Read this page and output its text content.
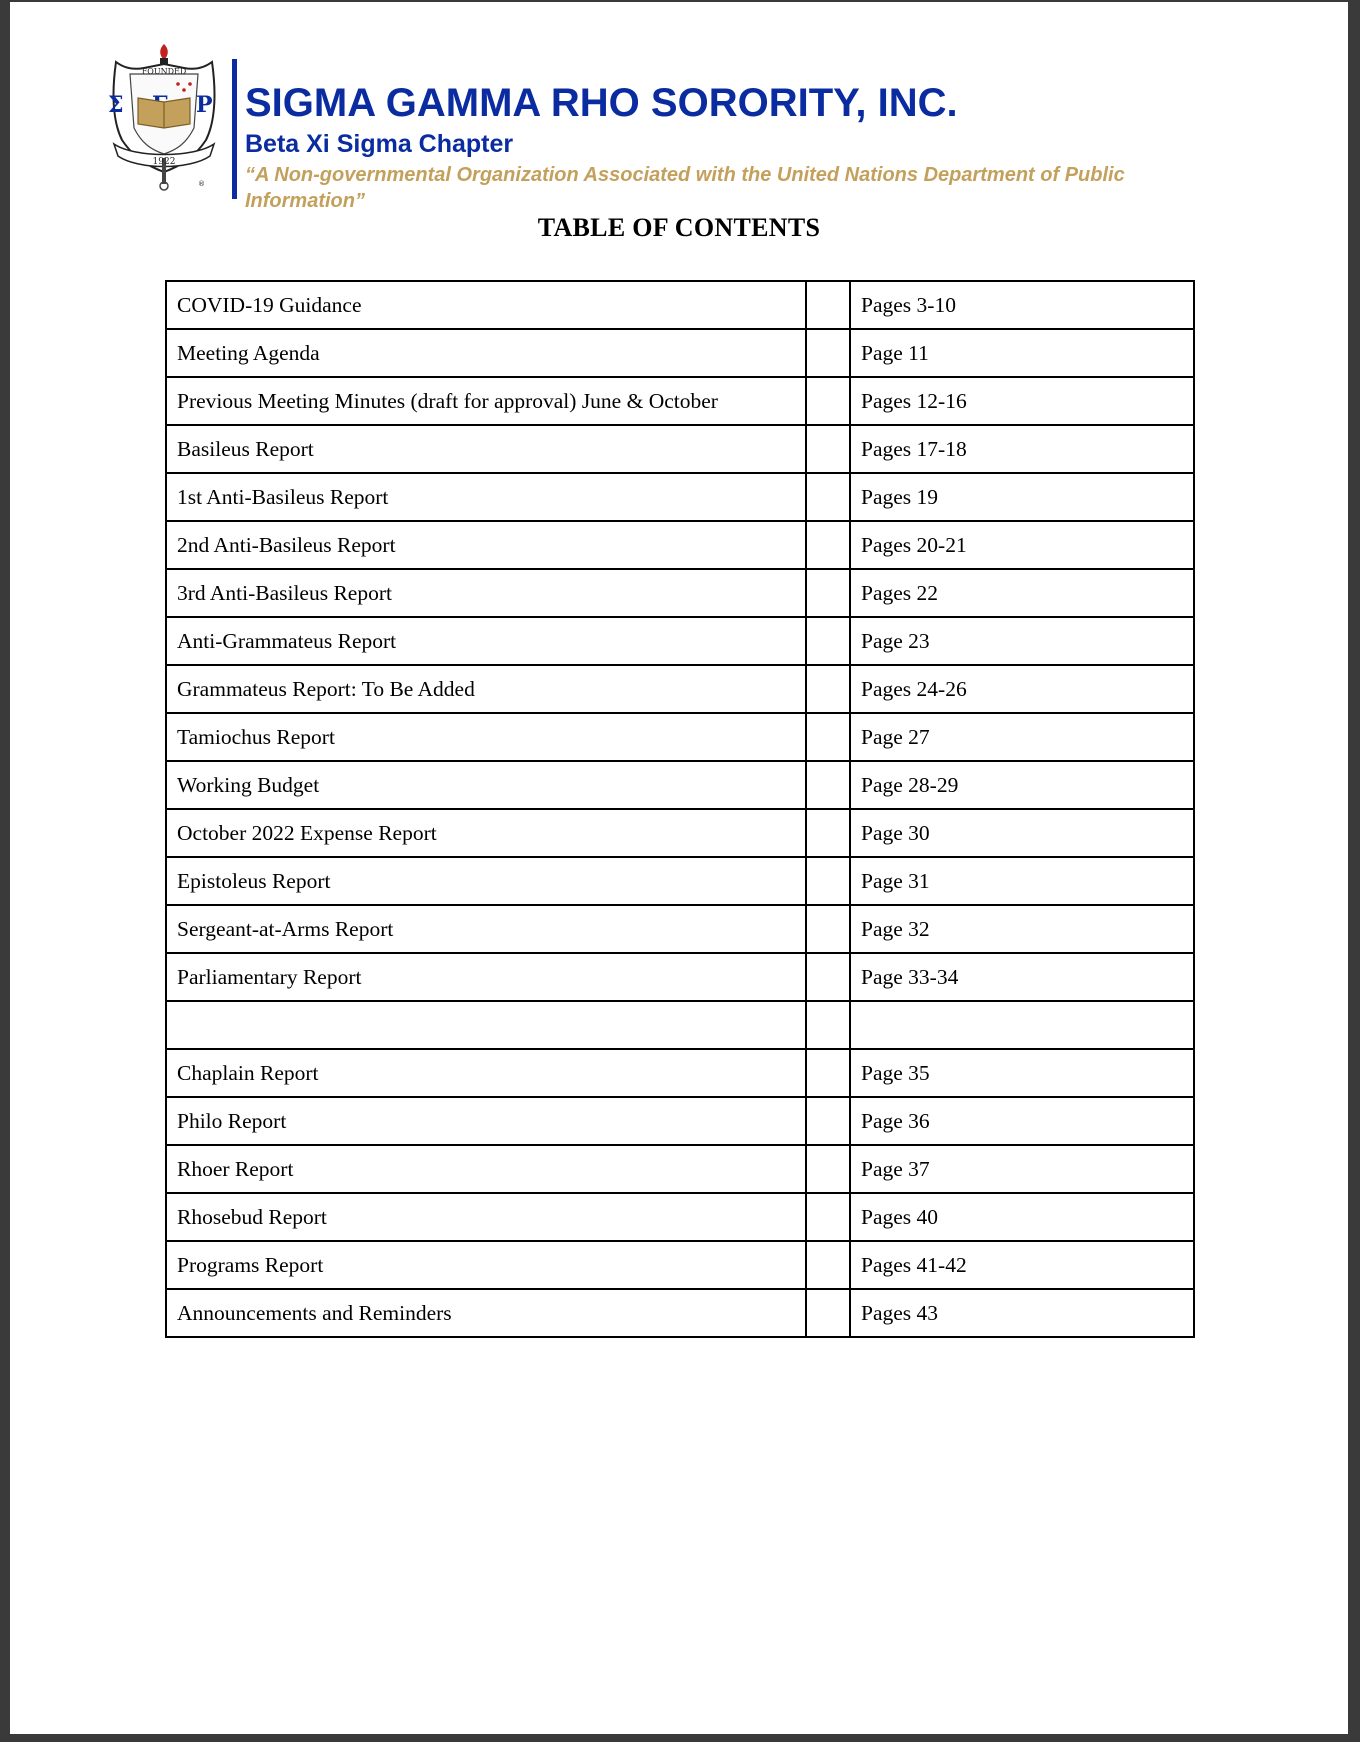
FOUNDED
Σ	Ρ
1922
®
SIGMA GAMMA RHO SORORITY, INC.
Beta Xi Sigma Chapter

“A Non-governmental Organization Associated with the United Nations Department of Public Information”

TABLE OF CONTENTS
COVID-19 Guidance		Pages 3-10
Meeting Agenda		Page 11
Previous Meeting Minutes (draft for approval) June & October		Pages 12-16
Basileus Report		Pages 17-18
1st Anti-Basileus Report		Pages 19
2nd Anti-Basileus Report		Pages 20-21
3rd Anti-Basileus Report		Pages 22
Anti-Grammateus Report		Page 23
Grammateus Report: To Be Added		Pages 24-26
Tamiochus Report		Page 27
Working Budget		Page 28-29
October 2022 Expense Report		Page 30
Epistoleus Report		Page 31
Sergeant-at-Arms Report		Page 32
Parliamentary Report		Page 33-34

Chaplain Report		Page 35
Philo Report		Page 36
Rhoer Report		Page 37
Rhosebud Report		Pages 40
Programs Report		Pages 41-42
Announcements and Reminders		Pages 43
